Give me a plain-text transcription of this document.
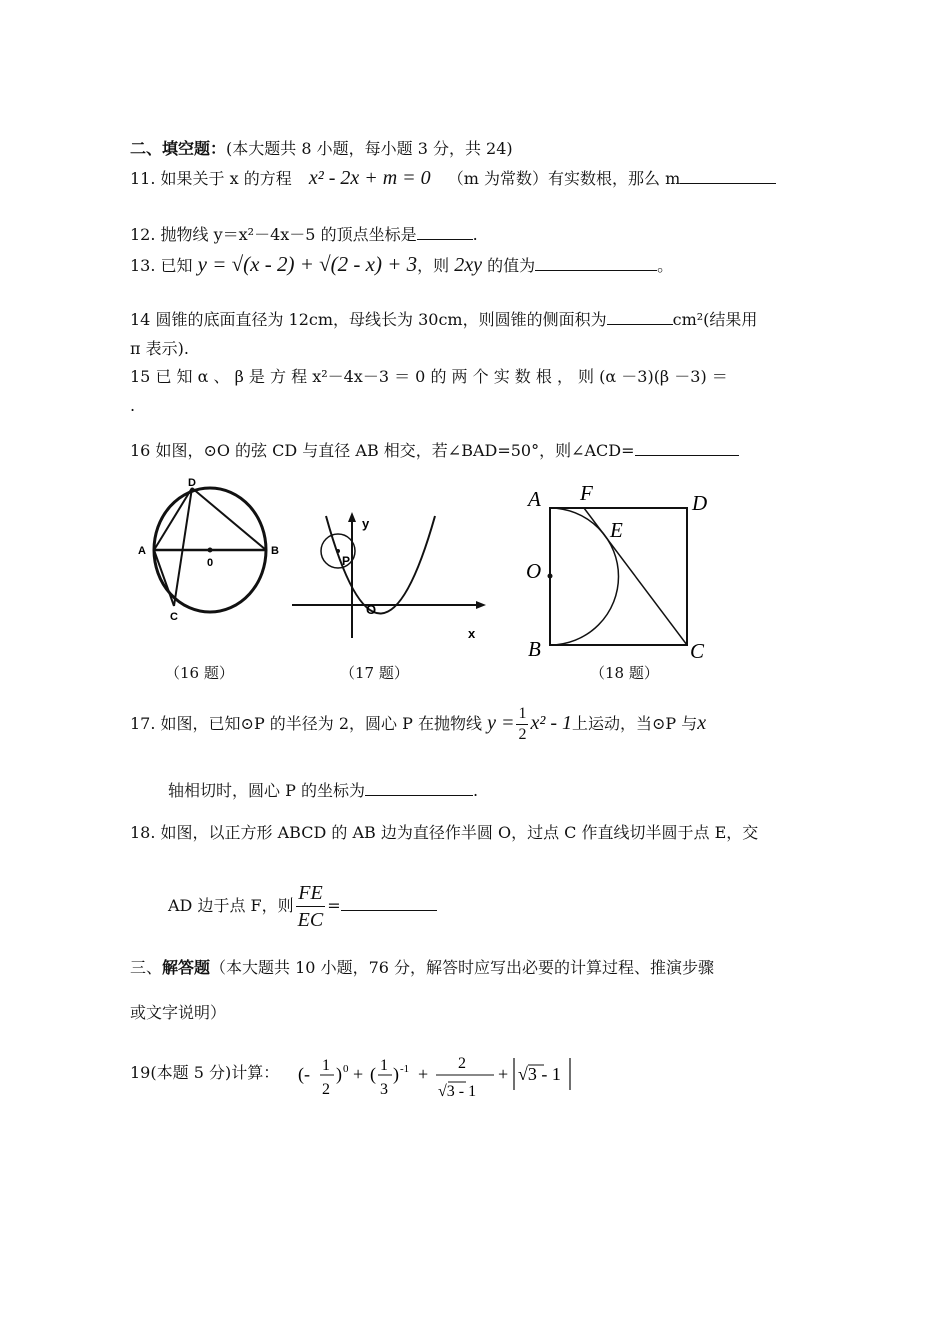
二、填空题：(本大题共 8 小题，每小题 3 分，共 24)
11. 如果关于 x 的方程 x² - 2x + m = 0 （m 为常数）有实数根，那么 m
12. 抛物线 y＝x²－4x－5 的顶点坐标是	.
13. 已知 y = √(x - 2) + √(2 - x) + 3，则 2xy 的值为	。
14 圆锥的底面直径为 12cm，母线长为 30cm，则圆锥的侧面积为	cm²(结果用
π 表示).
15 已 知 α 、 β 是 方 程 x²－4x－3 ＝ 0 的 两 个 实 数 根 ， 则 (α －3)(β －3) ＝
.
16 如图，⊙O 的弦 CD 与直径 AB 相交，若∠BAD=50°，则∠ACD=
D
A
0
B
C
（16 题）
y
P
O
x
（17 题）
A F	D
E
O
B	C
（18 题）
17. 如图，已知⊙P 的半径为 2，圆心 P 在抛物线 $y = \frac{1}{2} x^2 - 1$上运动，当⊙P 与x
轴相切时，圆心 P 的坐标为	.
18. 如图，以正方形 ABCD 的 AB 边为直径作半圆 O，过点 C 作直线切半圆于点 E，交
AD 边于点 F，则 $\frac{FE}{EC}$ =
三、解答题（本大题共 10 小题，76 分，解答时应写出必要的计算过程、推演步骤
或文字说明）
19(本题 5 分)计算： (- 1
2
) 0 + ( 1
3
) -1 +
2
√3 - 1
+ √3 - 1
